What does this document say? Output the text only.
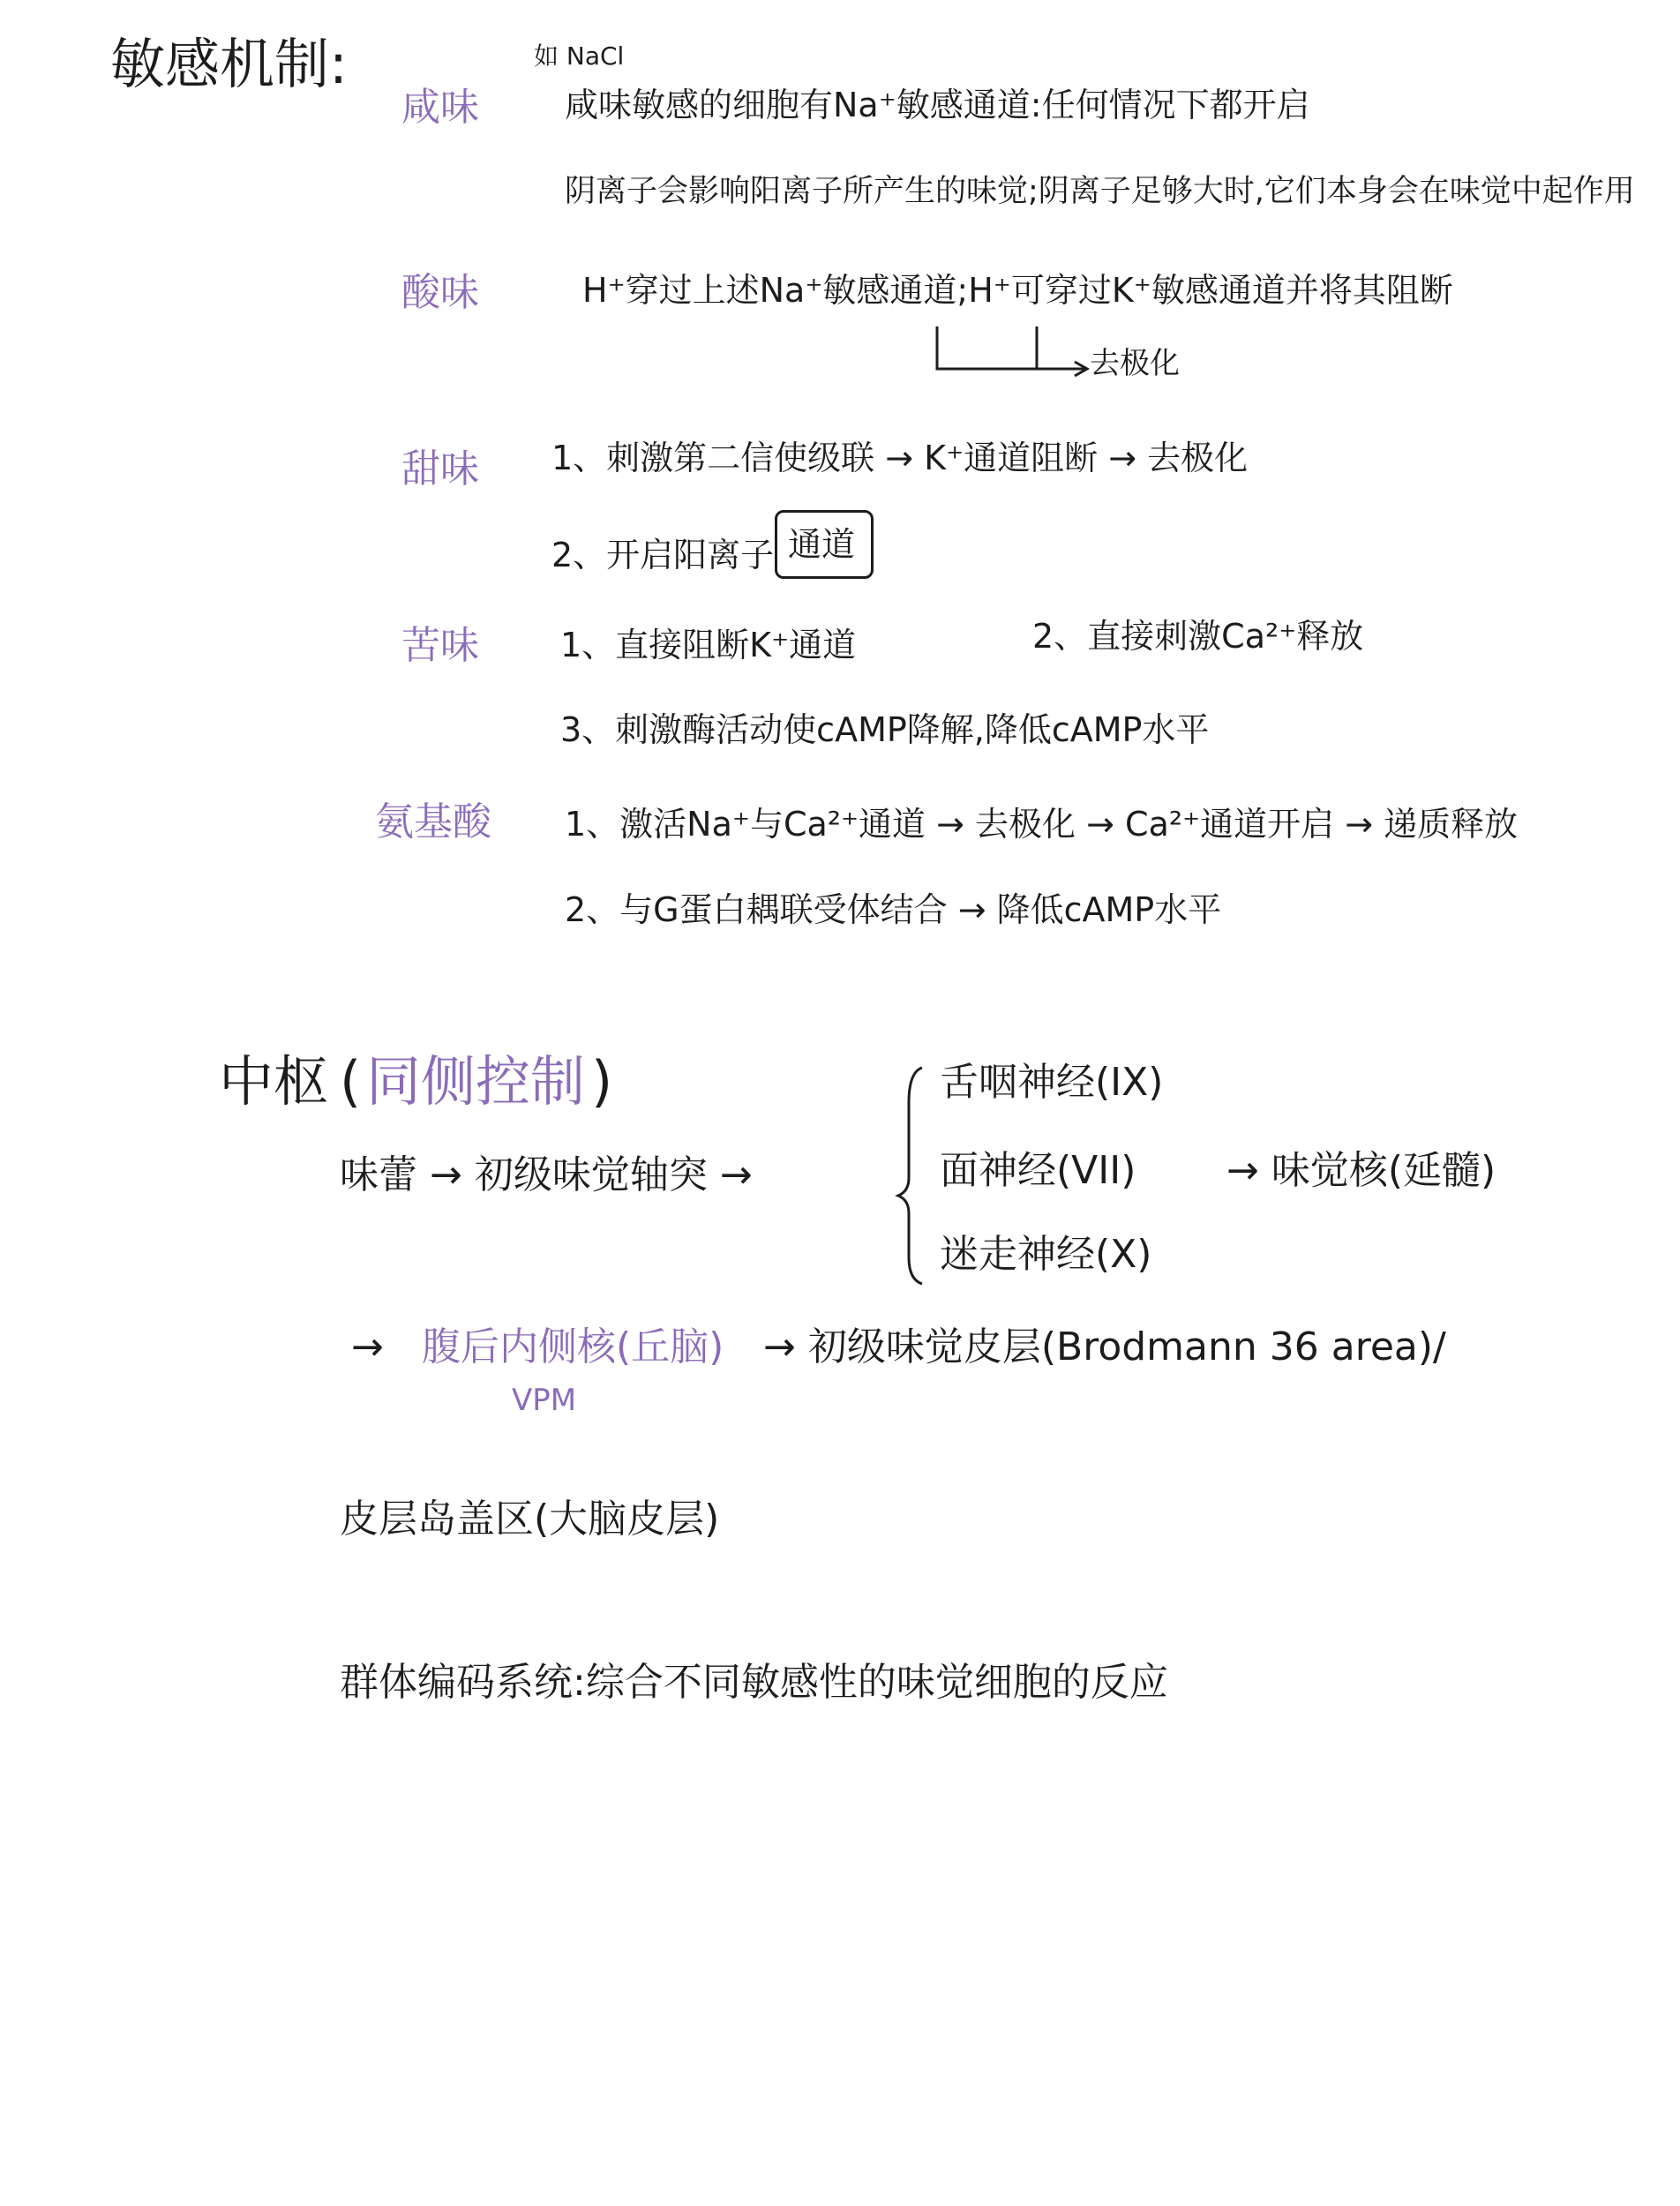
敏感机制:	如 NaCl
咸味	咸味敏感的细胞有Na⁺敏感通道:任何情况下都开启
阴离子会影响阳离子所产生的味觉;阴离子足够大时,它们本身会在味觉中起作用
酸味	H⁺穿过上述Na⁺敏感通道;H⁺可穿过K⁺敏感通道并将其阻断
去极化
甜味 1、刺激第二信使级联 → K⁺通道阻断 → 去极化
2、开启阳离子 通道
苦味 1、直接阻断K⁺通道	2、直接刺激Ca²⁺释放
3、刺激酶活动使cAMP降解,降低cAMP水平
氨基酸 1、激活Na⁺与Ca²⁺通道 → 去极化 → Ca²⁺通道开启 → 递质释放
2、与G蛋白耦联受体结合 → 降低cAMP水平
中枢 ( 同侧控制 )
味蕾 → 初级味觉轴突 →
舌咽神经(IX)
面神经(VII)
迷走神经(X)
→ 味觉核(延髓)
→ 腹后内侧核(丘脑)
VPM
→ 初级味觉皮层(Brodmann 36 area)/
皮层岛盖区(大脑皮层)
群体编码系统:综合不同敏感性的味觉细胞的反应
